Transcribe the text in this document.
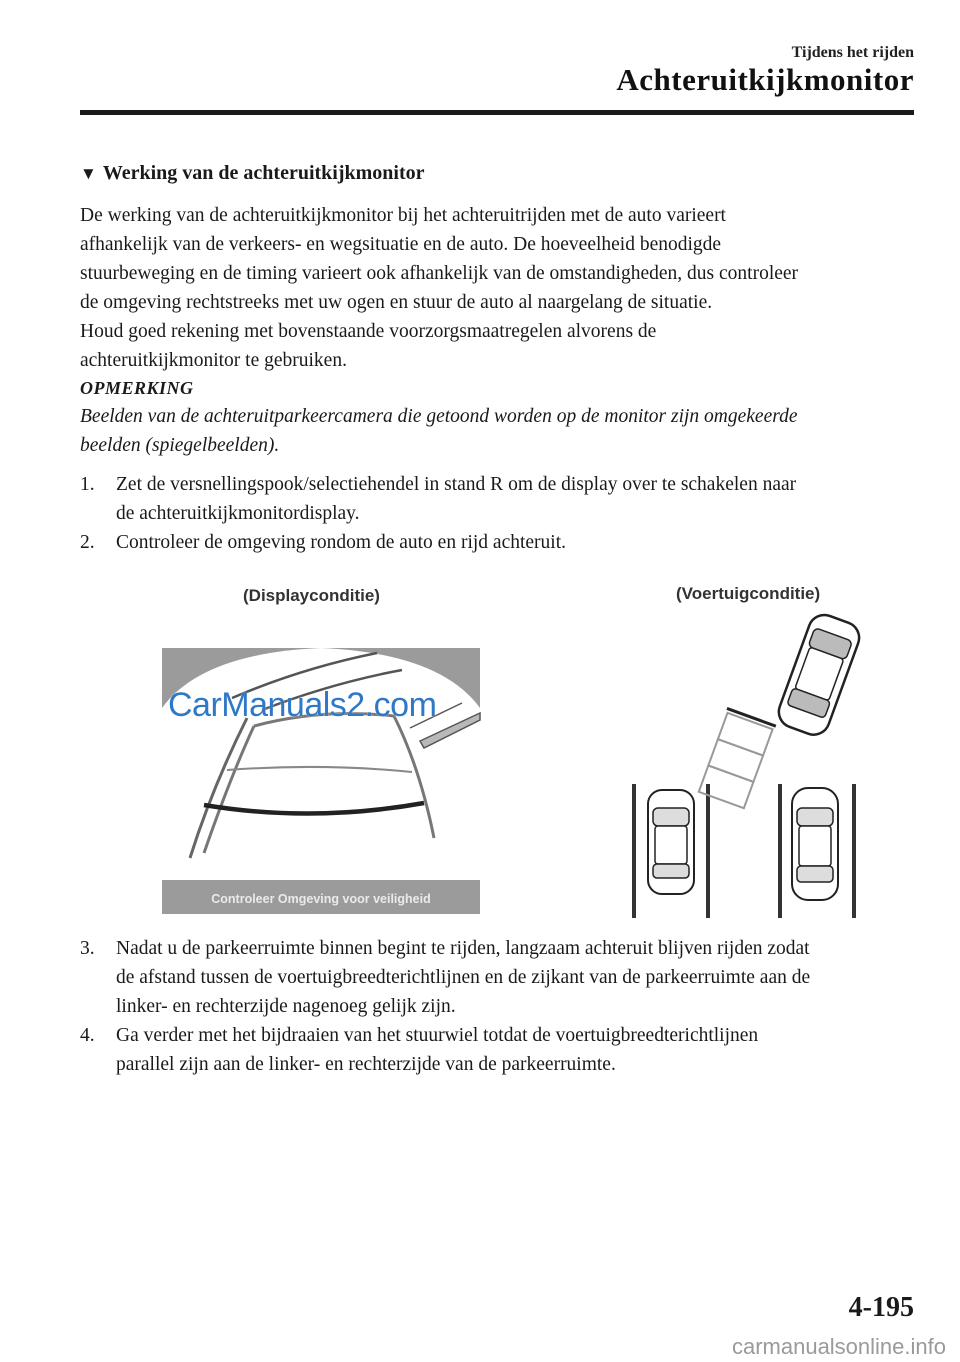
Tijdens het rijden
Achteruitkijkmonitor
▼ Werking van de achteruitkijkmonitor

De werking van de achteruitkijkmonitor bij het achteruitrijden met de auto varieert

afhankelijk van de verkeers- en wegsituatie en de auto. De hoeveelheid benodigde

stuurbeweging en de timing varieert ook afhankelijk van de omstandigheden, dus controleer

de omgeving rechtstreeks met uw ogen en stuur de auto al naargelang de situatie.

Houd goed rekening met bovenstaande voorzorgsmaatregelen alvorens de

achteruitkijkmonitor te gebruiken.

OPMERKING
Beelden van de achteruitparkeercamera die getoond worden op de monitor zijn omgekeerde
beelden (spiegelbeelden).
1.	Zet de versnellingspook/selectiehendel in stand R om de display over te schakelen naar
de achteruitkijkmonitordisplay.
2.	Controleer de omgeving rondom de auto en rijd achteruit.
(Displayconditie)	(Voertuigconditie)
CarManuals2.com
Controleer Omgeving voor veiligheid
3.	Nadat u de parkeerruimte binnen begint te rijden, langzaam achteruit blijven rijden zodat
de afstand tussen de voertuigbreedterichtlijnen en de zijkant van de parkeerruimte aan de
linker- en rechterzijde nagenoeg gelijk zijn.
4.	Ga verder met het bijdraaien van het stuurwiel totdat de voertuigbreedterichtlijnen
parallel zijn aan de linker- en rechterzijde van de parkeerruimte.
4-195
carmanualsonline.info
